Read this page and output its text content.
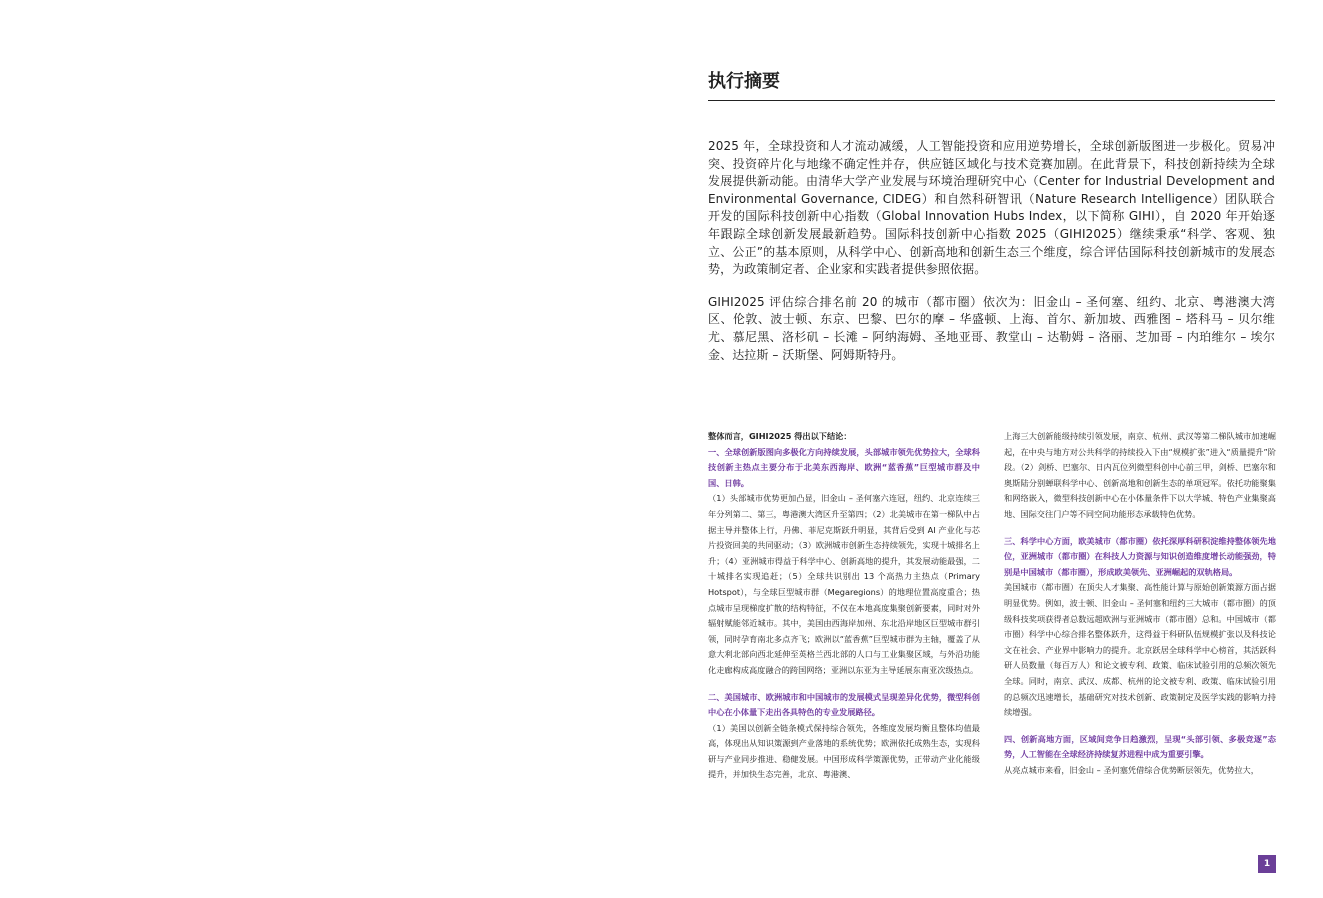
执行摘要

2025 年，全球投资和人才流动减缓，人工智能投资和应用逆势增长，全球创新版图进一步极化。贸易冲突、投资碎片化与地缘不确定性并存，供应链区域化与技术竞赛加剧。在此背景下，科技创新持续为全球发展提供新动能。由清华大学产业发展与环境治理研究中心（Center for Industrial Development and Environmental Governance, CIDEG）和自然科研智讯（Nature Research Intelligence）团队联合开发的国际科技创新中心指数（Global Innovation Hubs Index，以下简称 GIHI），自 2020 年开始逐年跟踪全球创新发展最新趋势。国际科技创新中心指数 2025（GIHI2025）继续秉承“科学、客观、独立、公正”的基本原则，从科学中心、创新高地和创新生态三个维度，综合评估国际科技创新城市的发展态势，为政策制定者、企业家和实践者提供参照依据。

GIHI2025 评估综合排名前 20 的城市（都市圈）依次为：旧金山 – 圣何塞、纽约、北京、粤港澳大湾区、伦敦、波士顿、东京、巴黎、巴尔的摩 – 华盛顿、上海、首尔、新加坡、西雅图 – 塔科马 – 贝尔维尤、慕尼黑、洛杉矶 – 长滩 – 阿纳海姆、圣地亚哥、教堂山 – 达勒姆 – 洛丽、芝加哥 – 内珀维尔 – 埃尔金、达拉斯 – 沃斯堡、阿姆斯特丹。

整体而言，GIHI2025 得出以下结论：

一、全球创新版图向多极化方向持续发展，头部城市领先优势拉大，全球科技创新主热点主要分布于北美东西海岸、欧洲“蓝香蕉”巨型城市群及中国、日韩。

（1）头部城市优势更加凸显，旧金山 – 圣何塞六连冠，纽约、北京连续三年分列第二、第三，粤港澳大湾区升至第四；（2）北美城市在第一梯队中占据主导并整体上行，丹佛、菲尼克斯跃升明显，其背后受到 AI 产业化与芯片投资回美的共同驱动；（3）欧洲城市创新生态持续领先，实现十城排名上升；（4）亚洲城市得益于科学中心、创新高地的提升，其发展动能最强，二十城排名实现追赶；（5）全球共识别出 13 个高热力主热点（Primary Hotspot），与全球巨型城市群（Megaregions）的地理位置高度重合；热点城市呈现梯度扩散的结构特征，不仅在本地高度集聚创新要素，同时对外辐射赋能邻近城市。其中，美国由西海岸加州、东北沿岸地区巨型城市群引领，同时孕育南北多点齐飞；欧洲以“蓝香蕉”巨型城市群为主轴，覆盖了从意大利北部向西北延伸至英格兰西北部的人口与工业集聚区域，与外沿功能化走廊构成高度融合的跨国网络；亚洲以东亚为主导延展东南亚次级热点。

二、美国城市、欧洲城市和中国城市的发展模式呈现差异化优势，微型科创中心在小体量下走出各具特色的专业发展路径。

（1）美国以创新全链条模式保持综合领先，各维度发展均衡且整体均值最高，体现出从知识策源到产业落地的系统优势；欧洲依托成熟生态，实现科研与产业同步推进、稳健发展。中国形成科学策源优势，正带动产业化能级提升，并加快生态完善，北京、粤港澳、

上海三大创新能级持续引领发展，南京、杭州、武汉等第二梯队城市加速崛起，在中央与地方对公共科学的持续投入下由“规模扩张”进入“质量提升”阶段。（2）剑桥、巴塞尔、日内瓦位列微型科创中心前三甲，剑桥、巴塞尔和奥斯陆分别蝉联科学中心、创新高地和创新生态的单项冠军。依托功能聚集和网络嵌入，微型科技创新中心在小体量条件下以大学城、特色产业集聚高地、国际交往门户等不同空间功能形态承载特色优势。

三、科学中心方面，欧美城市（都市圈）依托深厚科研积淀维持整体领先地位，亚洲城市（都市圈）在科技人力资源与知识创造维度增长动能强劲，特别是中国城市（都市圈），形成欧美领先、亚洲崛起的双轨格局。

美国城市（都市圈）在顶尖人才集聚、高性能计算与原始创新策源方面占据明显优势。例如，波士顿、旧金山 – 圣何塞和纽约三大城市（都市圈）的顶级科技奖项获得者总数远超欧洲与亚洲城市（都市圈）总和。中国城市（都市圈）科学中心综合排名整体跃升，这得益于科研队伍规模扩张以及科技论文在社会、产业界中影响力的提升。北京跃居全球科学中心榜首，其活跃科研人员数量（每百万人）和论文被专利、政策、临床试验引用的总频次领先全球。同时，南京、武汉、成都、杭州的论文被专利、政策、临床试验引用的总频次迅速增长，基础研究对技术创新、政策制定及医学实践的影响力持续增强。

四、创新高地方面，区域间竞争日趋激烈，呈现“头部引领、多极竞逐”态势，人工智能在全球经济持续复苏进程中成为重要引擎。

从亮点城市来看，旧金山 – 圣何塞凭借综合优势断层领先，优势拉大，

1
